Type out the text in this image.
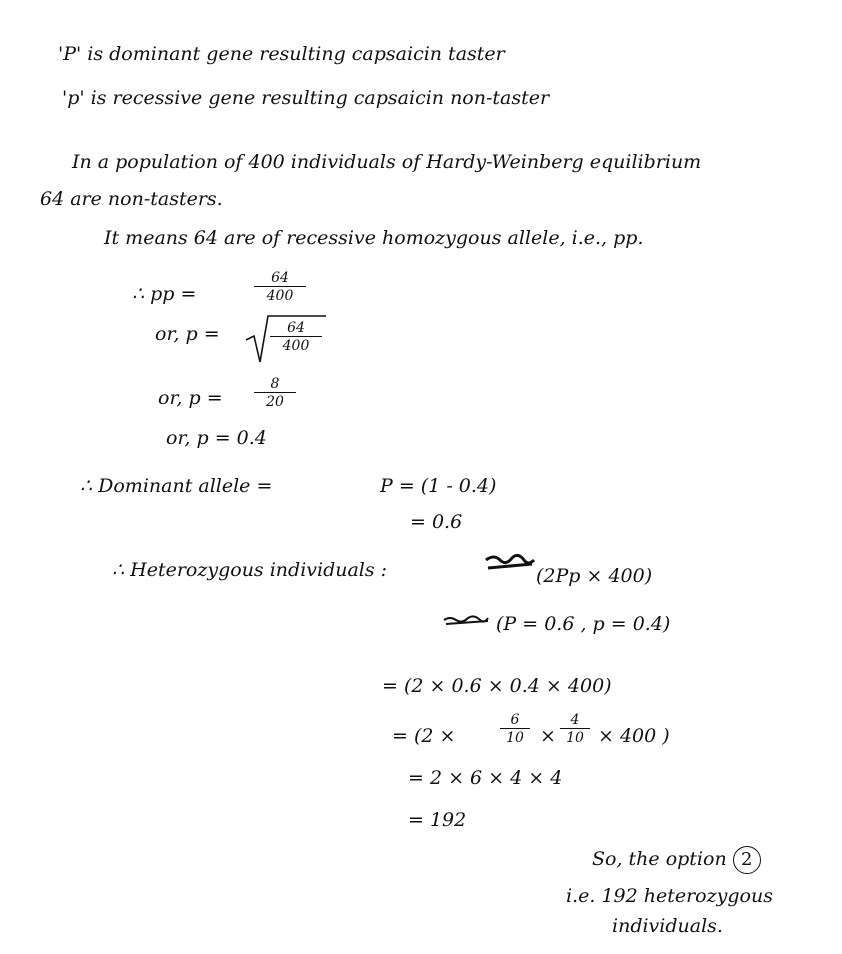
'P' is dominant gene resulting capsaicin taster
'p' is recessive gene resulting capsaicin non-taster
In a population of 400 individuals of Hardy-Weinberg equilibrium
64 are non-tasters.
It means 64 are of recessive homozygous allele, i.e., pp.
∴ pp =	$\frac{64}{400}$
or, p =	$\frac{64}{400}$
or, $p = \frac{8}{20}$
or, p = 0.4
∴ Dominant allele =	P = (1 - 0.4)
= 0.6
∴ Heterozygous individuals :	(2Pp × 400)
(P = 0.6 , p = 0.4)
= (2 × 0.6 × 0.4 × 400)
= (2 ×	$\frac{6}{10} \times \frac{4}{10} \times 400$ )
= 2 × 6 × 4 × 4
= 192
So, the option 2
i.e. 192 heterozygous
individuals.
